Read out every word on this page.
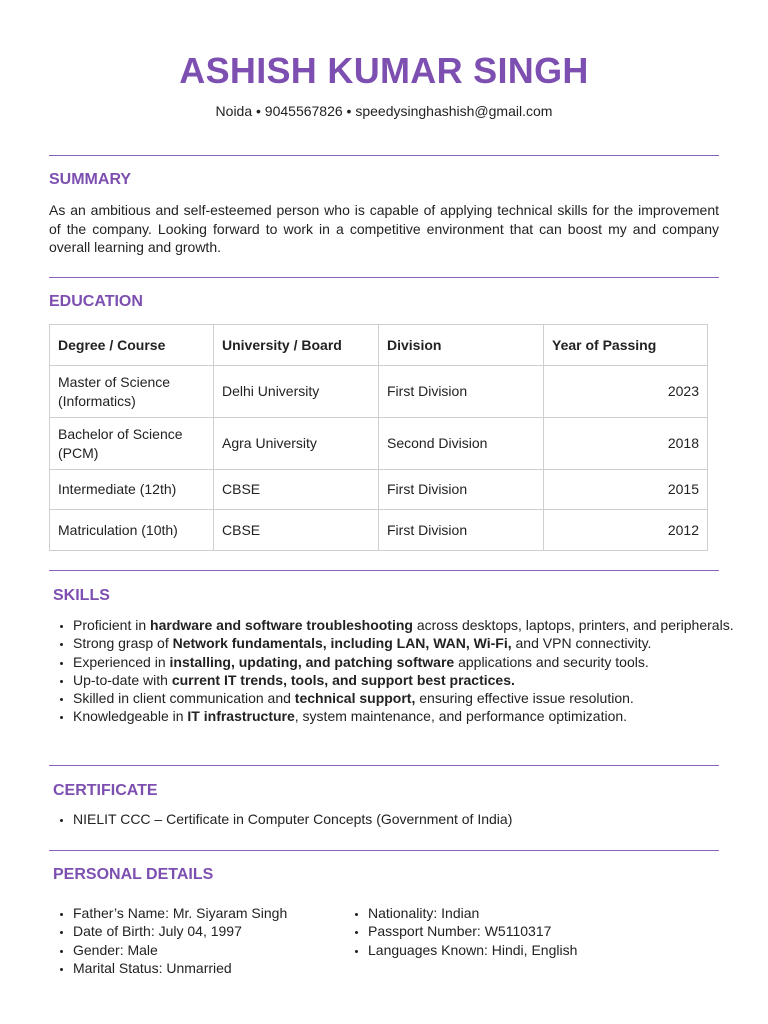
ASHISH KUMAR SINGH
Noida • 9045567826 • speedysinghashish@gmail.com
SUMMARY
As an ambitious and self-esteemed person who is capable of applying technical skills for the improvement of the company. Looking forward to work in a competitive environment that can boost my and company overall learning and growth.
EDUCATION
Degree / Course	University / Board	Division	Year of Passing
Master of Science (Informatics)	Delhi University	First Division	2023
Bachelor of Science (PCM)	Agra University	Second Division	2018
Intermediate (12th)	CBSE	First Division	2015
Matriculation (10th)	CBSE	First Division	2012
SKILLS
• Proficient in hardware and software troubleshooting across desktops, laptops, printers, and peripherals.
• Strong grasp of Network fundamentals, including LAN, WAN, Wi-Fi, and VPN connectivity.
• Experienced in installing, updating, and patching software applications and security tools.
• Up-to-date with current IT trends, tools, and support best practices.
• Skilled in client communication and technical support, ensuring effective issue resolution.
• Knowledgeable in IT infrastructure, system maintenance, and performance optimization.
CERTIFICATE
• NIELIT CCC – Certificate in Computer Concepts (Government of India)
PERSONAL DETAILS
• Father’s Name: Mr. Siyaram Singh
• Date of Birth: July 04, 1997
• Gender: Male
• Marital Status: Unmarried
• Nationality: Indian
• Passport Number: W5110317
• Languages Known: Hindi, English
